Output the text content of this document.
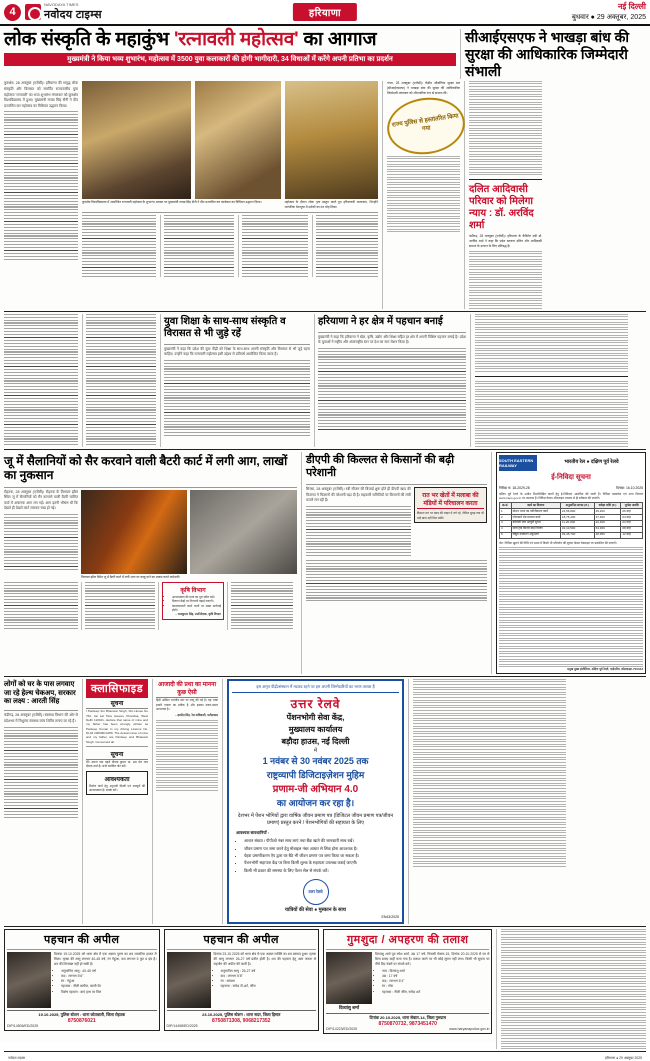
4
NAVODAYA TIMES
नवोदय टाइम्स	हरियाणा
नई दिल्ली
बुधवार ● 29 अक्तूबर, 2025
लोक संस्कृति के महाकुंभ 'रत्नावली महोत्सव' का आगाज
मुख्यमंत्री ने किया भव्य शुभारंभ, महोत्सव में 3500 युवा कलाकारों की होगी भागीदारी, 34 विधाओं में करेंगे अपनी प्रतिभा का प्रदर्शन
सीआईएसएफ ने भाखड़ा बांध की सुरक्षा की आधिकारिक जिम्मेदारी संभाली
कुरुक्षेत्र, 28 अक्तूबर (एजेंसी)। हरियाणा की समृद्ध लोक संस्कृति और विरासत को समर्पित राज्यस्तरीय युवा महोत्सव 'रत्नावली' का भव्य शुभारंभ मंगलवार को कुरुक्षेत्र विश्वविद्यालय में हुआ। मुख्यमंत्री नायब सिंह सैनी ने दीप प्रज्वलित कर महोत्सव का विधिवत उद्घाटन किया।
कुरुक्षेत्र विश्वविद्यालय में आयोजित रत्नावली महोत्सव के शुभारंभ अवसर पर मुख्यमंत्री नायब सिंह सैनी ने दीप प्रज्वलित कर कार्यक्रम का विधिवत उद्घाटन किया।	महोत्सव के दौरान लोक नृत्य प्रस्तुत करते हुए हरियाणवी कलाकार, जिन्होंने पारंपरिक वेशभूषा में दर्शकों का मन मोह लिया।
नंगल, 28 अक्तूबर (एजेंसी)। केंद्रीय औद्योगिक सुरक्षा बल (सीआईएसएफ) ने भाखड़ा बांध की सुरक्षा की आधिकारिक जिम्मेदारी मंगलवार को औपचारिक रूप से संभाल ली।
राज्य पुलिस से हस्तांतरित किया गया
दलित आदिवासी परिवार को मिलेगा न्याय : डॉ. अरविंद शर्मा
चंडीगढ़, 28 अक्तूबर (एजेंसी)। हरियाणा के कैबिनेट मंत्री डॉ. अरविंद शर्मा ने कहा कि प्रदेश सरकार दलित और आदिवासी समाज के उत्थान के लिए प्रतिबद्ध है।
युवा शिक्षा के साथ-साथ संस्कृति व विरासत से भी जुड़े रहें
मुख्यमंत्री ने कहा कि प्रदेश की युवा पीढ़ी को शिक्षा के साथ-साथ अपनी संस्कृति और विरासत से भी जुड़े रहना चाहिए। उन्होंने कहा कि रत्नावली महोत्सव इसी उद्देश्य से प्रतिवर्ष आयोजित किया जाता है।
हरियाणा ने हर क्षेत्र में पहचान बनाई
मुख्यमंत्री ने कहा कि हरियाणा ने खेल, कृषि, उद्योग और शिक्षा सहित हर क्षेत्र में अपनी विशिष्ट पहचान बनाई है। प्रदेश के युवाओं ने राष्ट्रीय और अंतरराष्ट्रीय स्तर पर देश का नाम रोशन किया है।
जू में सैलानियों को सैर करवाने वाली बैटरी कार्ट में लगी आग, लाखों का नुकसान
रोहतक, 28 अक्तूबर (एजेंसी)। रोहतक के तिलयार झील स्थित जू में सैलानियों को सैर करवाने वाली बैटरी चालित कार्ट में अचानक आग लग गई। आग इतनी भीषण थी कि देखते ही देखते कार्ट जलकर राख हो गई।
तिलयार झील स्थित जू में बैटरी कार्ट में लगी आग पर काबू पाने का प्रयास करते कर्मचारी।
कृषि विभाग
• आवश्यकता की मात्रा का पूरा ब्यौरा रखें।
• वितरण केंद्रों पर निगरानी बढ़ाई जाएगी।
• कालाबाजारी करने वालों पर सख्त कार्रवाई होगी।
– राजकुमार सिंह, उपनिदेशक, कृषि विभाग
डीएपी की किल्लत से किसानों की बढ़ी परेशानी
सिरसा, 28 अक्तूबर (एजेंसी)। रबी सीजन की बिजाई शुरू होते ही डीएपी खाद की किल्लत ने किसानों की परेशानी बढ़ा दी है। सहकारी समितियों पर किसानों की लंबी कतारें लग रही हैं।
रात भर खेतों में मलाबा की मंडियों में परिचालन करता
किसान रात भर खाद की लाइन में लगे रहे, लेकिन सुबह तक भी उन्हें खाद नहीं मिल सकी।
SOUTH EASTERN RAILWAY	भारतीय रेल ● दक्षिण पूर्व रेलवे
ई-निविदा सूचना
निविदा सं. 18-2029-28	दिनांक: 16.10.2025
दक्षिण पूर्व रेलवे के अधीन निम्नलिखित कार्यों हेतु ई-निविदाएं आमंत्रित की जाती हैं। निविदा दस्तावेज एवं अन्य विवरण www.ireps.gov.in पर उपलब्ध हैं। निविदा केवल ऑनलाइन माध्यम से ही स्वीकार की जाएंगी।
क्र.सं.	कार्य का विवरण	अनुमानित लागत (रु.)	धरोहर राशि (रु.)	पूर्णता अवधि
1	स्टेशन भवन का नवीनीकरण कार्य	24,56,800	49,200	06 माह
2	प्लेटफार्म शेड मरम्मत कार्य	18,75,400	37,600	04 माह
3	कॉलोनी जल आपूर्ति सुधार	11,20,000	22,400	03 माह
4	रेलवे ट्रैक किनारे बाड़ निर्माण	32,10,500	64,300	08 माह
5	विद्युत उपकरण अनुरक्षण	09,45,700	18,950	12 माह
नोट: निविदा खुलने की तिथि एवं समय में किसी भी परिवर्तन की सूचना केवल वेबसाइट पर प्रकाशित की जाएगी।
प्रमुख मुख्य इंजीनियर, दक्षिण पूर्व रेलवे, गार्डनरीच, कोलकाता-700043
लोगों को घर के पास लगवाए जा रहे हेल्थ चेकअप, सरकार का लक्ष्य : आरती सिंह
चंडीगढ़, 28 अक्तूबर (एजेंसी)। स्वास्थ्य विभाग की ओर से प्रदेशभर में निशुल्क स्वास्थ्य जांच शिविर लगाए जा रहे हैं।
क्लासिफाइड
सूचना
I Pardeep S/o Bhanwar Singh, R/o House No 762, Jai Lal Tara Jeevan, Khandsa, West Delhi 110041, declare that name of mine and my father has been wrongly written as Pardeep Kumar in my driving Licence No. DL04 20090014189. The Actual name of mine and my father are Pardeep and Bhanwar Singh. Concerned all.
सूचना
मैंने अपना नाम पहले दीपक कुमार था, अब मेरा नाम दीपक शर्मा है। सभी संबंधित नोट करें।
आवश्यकता
निर्माण कार्य हेतु अनुभवी मिस्त्री एवं मजदूरों की आवश्यकता है। संपर्क करें।
आजादी की प्रथा का मानना कुछ ऐसी
हिंदी अखिल भारतीय स्तर पर लागू की गई है। यह भाषा हमारी एकता का प्रतीक है और इसका प्रचार-प्रसार आवश्यक है।
– हरप्रीत सिंह, रेल अधिकारी, फरीदाबाद
इस अमृत पीढ़ी/संस्थान में नदारद रहने पर हम अपनी जिम्मेदारियों का भरण तलाश हैं
उत्तर रेलवे
पेंशनभोगी सेवा केंद्र,
मुख्यालय कार्यालय
बड़ौदा हाउस, नई दिल्ली
में
1 नवंबर से 30 नवंबर 2025 तक
राष्ट्रव्यापी डिजिटाइज़ेशन मुहिम
प्रणाम-जी अभियान 4.0
का आयोजन कर रहा है।
देशभर में पेंशन भोगियों द्वारा वार्षिक जीवन प्रमाण पत्र (डिजिटल जीवन प्रमाण पत्र/जीवन प्रमाण) प्रस्तुत करने / पेंशनभोगियों की सहायता के लिए
आवश्यक सावधानियाँ :
• आधार संख्या / पीपीओ नंबर साथ लाएं तथा बैंक खाते की जानकारी साथ रखें।
• जीवन प्रमाण पत्र जमा करने हेतु मोबाइल नंबर आधार से लिंक होना आवश्यक है।
• चेहरा प्रमाणीकरण ऐप द्वारा घर बैठे भी जीवन प्रमाण पत्र जमा किया जा सकता है।
• पेंशनभोगी सहायता केंद्र पर बिना किसी शुल्क के सहायता उपलब्ध कराई जाएगी।
• किसी भी प्रकार की समस्या के लिए पेंशन सेल से संपर्क करें।
उत्तर रेलवे
यात्रियों की सेवा ● मुस्कान के साथ
EN43/2025
पहचान की अपील
दिनांक 19.10.2025 को थाना क्षेत्र में एक अज्ञात पुरुष का शव लावारिस हालत में मिला। मृतक की आयु लगभग 40-45 वर्ष, रंग गेहुंआ, कद लगभग 5 फुट 6 इंच है। शव की शिनाख्त नहीं हो सकी है।
• अनुमानित आयु : 40-45 वर्ष
• कद : लगभग 5'6"
• रंग : गेहुंआ
• पहनावा : नीली कमीज, काली पेंट
• विशेष पहचान : बाएं हाथ पर तिल
19.10.2025, पुलिस स्टेशन : थाना कोतवाली, जिला रोहतक
8750876021
DIP/14506/ED/2025
पहचान की अपील
दिनांक 23.10.2025 को थाना क्षेत्र से एक अज्ञात व्यक्ति का शव बरामद हुआ। मृतक की आयु लगभग 26-27 वर्ष प्रतीत होती है। शव की पहचान हेतु आम जनता से सहयोग की अपील की जाती है।
• अनुमानित आयु : 26-27 वर्ष
• कद : लगभग 5'8"
• रंग : सांवला
• पहनावा : सफेद टी-शर्ट, जींस
23.10.2025, पुलिस स्टेशन : थाना सदर, जिला हिसार
8750871308, 9068217352
DIP/14498/ED/2025
गुमशुदा / अपहरण की तलाश
दिव्यांशु शर्मा
दिव्यांशु शर्मा पुत्र रमेश शर्मा, उम्र 17 वर्ष, निवासी सेक्टर-15, दिनांक 20.10.2025 से घर से बिना बताए कहीं चला गया है। तलाश करने पर भी कोई सुराग नहीं लगा। किसी भी सूचना पर नीचे दिए नंबरों पर संपर्क करें।
• नाम : दिव्यांशु शर्मा
• उम्र : 17 वर्ष
• कद : लगभग 5'4"
• रंग : गोरा
• पहनावा : नीली जींस, सफेद शर्ट
दिनांक 20.10.2025, थाना सेक्टर-14, जिला गुरुग्राम
8750870732, 9873451470
DIP/14223/ED/2025	www.haryanapolice.gov.in
नवोदय टाइम्स	हरियाणा ● 29 अक्तूबर 2025
